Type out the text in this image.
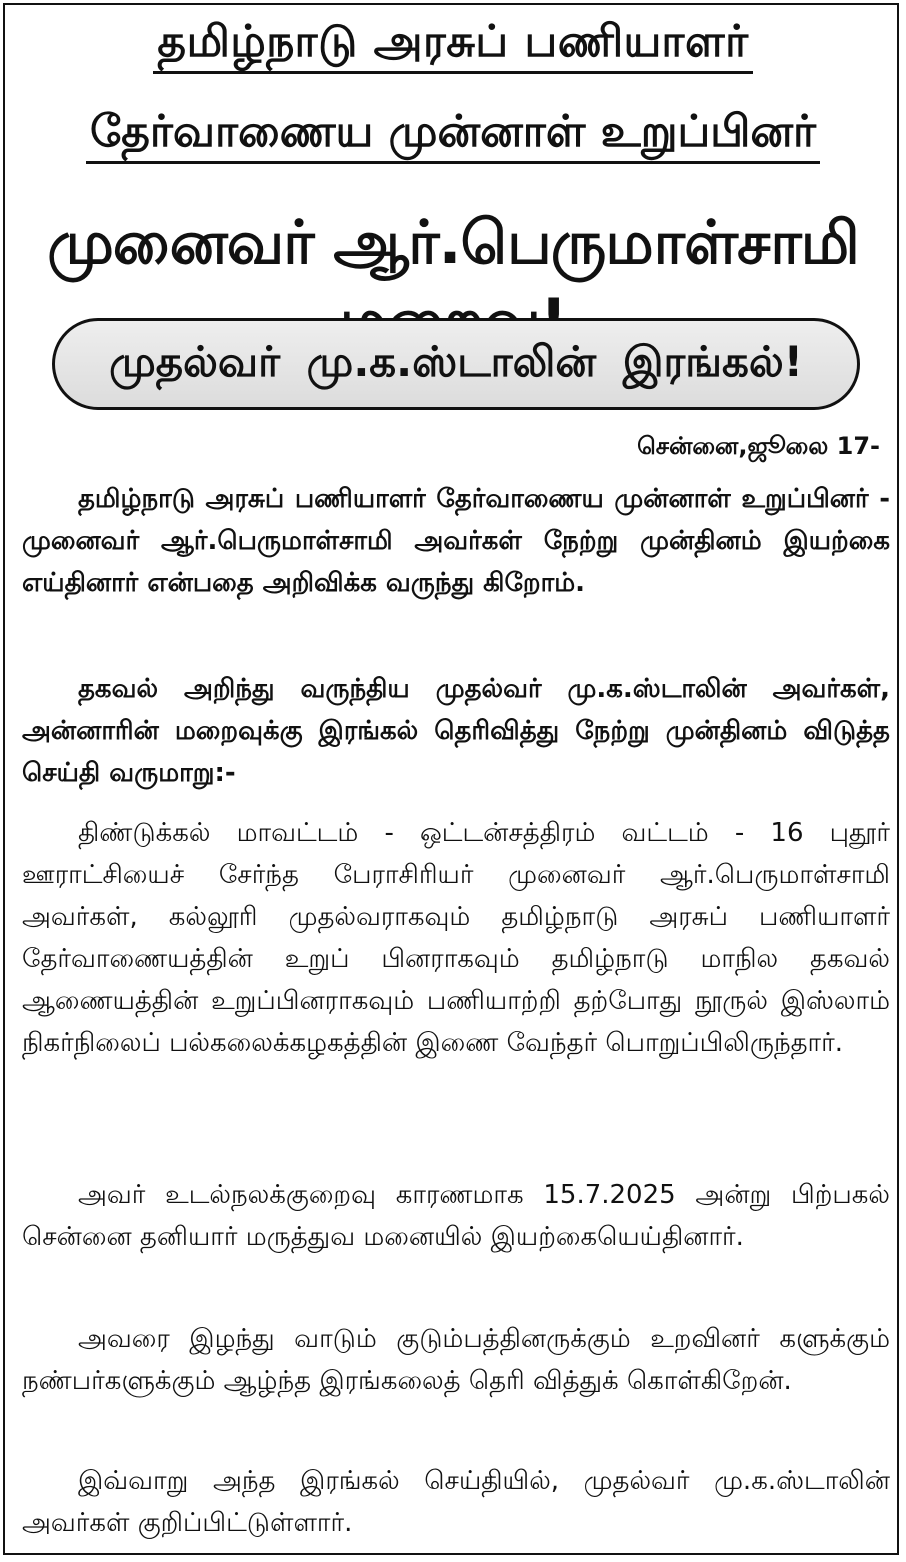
தமிழ்நாடு அரசுப் பணியாளர்
தேர்வாணைய முன்னாள் உறுப்பினர்
முனைவர் ஆர்.பெருமாள்சாமி
முதல்வர் மு.க.ஸ்டாலின் இரங்கல்!
சென்னை,ஜூலை 17-
தமிழ்நாடு அரசுப் பணியாளர் தேர்வாணைய முன்னாள் உறுப்பினர் - முனைவர் ஆர்.பெருமாள்சாமி அவர்கள் நேற்று முன்தினம் இயற்கை எய்தினார் என்பதை அறிவிக்க வருந்து கிறோம்.
தகவல் அறிந்து வருந்திய முதல்வர் மு.க.ஸ்டாலின் அவர்கள், அன்னாரின் மறைவுக்கு இரங்கல் தெரிவித்து நேற்று முன்தினம் விடுத்த செய்தி வருமாறு:-
திண்டுக்கல் மாவட்டம் - ஒட்டன்சத்திரம் வட்டம் - 16 புதூர் ஊராட்சியைச் சேர்ந்த பேராசிரியர் முனைவர் ஆர்.பெருமாள்சாமி அவர்கள், கல்லூரி முதல்வராகவும் தமிழ்நாடு அரசுப் பணியாளர் தேர்வாணையத்தின் உறுப் பினராகவும் தமிழ்நாடு மாநில தகவல் ஆணையத்தின் உறுப்பினராகவும் பணியாற்றி தற்போது நூருல் இஸ்லாம் நிகர்நிலைப் பல்கலைக்கழகத்தின் இணை வேந்தர் பொறுப்பிலிருந்தார்.
அவர் உடல்நலக்குறைவு காரணமாக 15.7.2025 அன்று பிற்பகல் சென்னை தனியார் மருத்துவ மனையில் இயற்கையெய்தினார்.
அவரை இழந்து வாடும் குடும்பத்தினருக்கும் உறவினர் களுக்கும் நண்பர்களுக்கும் ஆழ்ந்த இரங்கலைத் தெரி வித்துக் கொள்கிறேன்.
இவ்வாறு அந்த இரங்கல் செய்தியில், முதல்வர் மு.க.ஸ்டாலின் அவர்கள் குறிப்பிட்டுள்ளார்.
